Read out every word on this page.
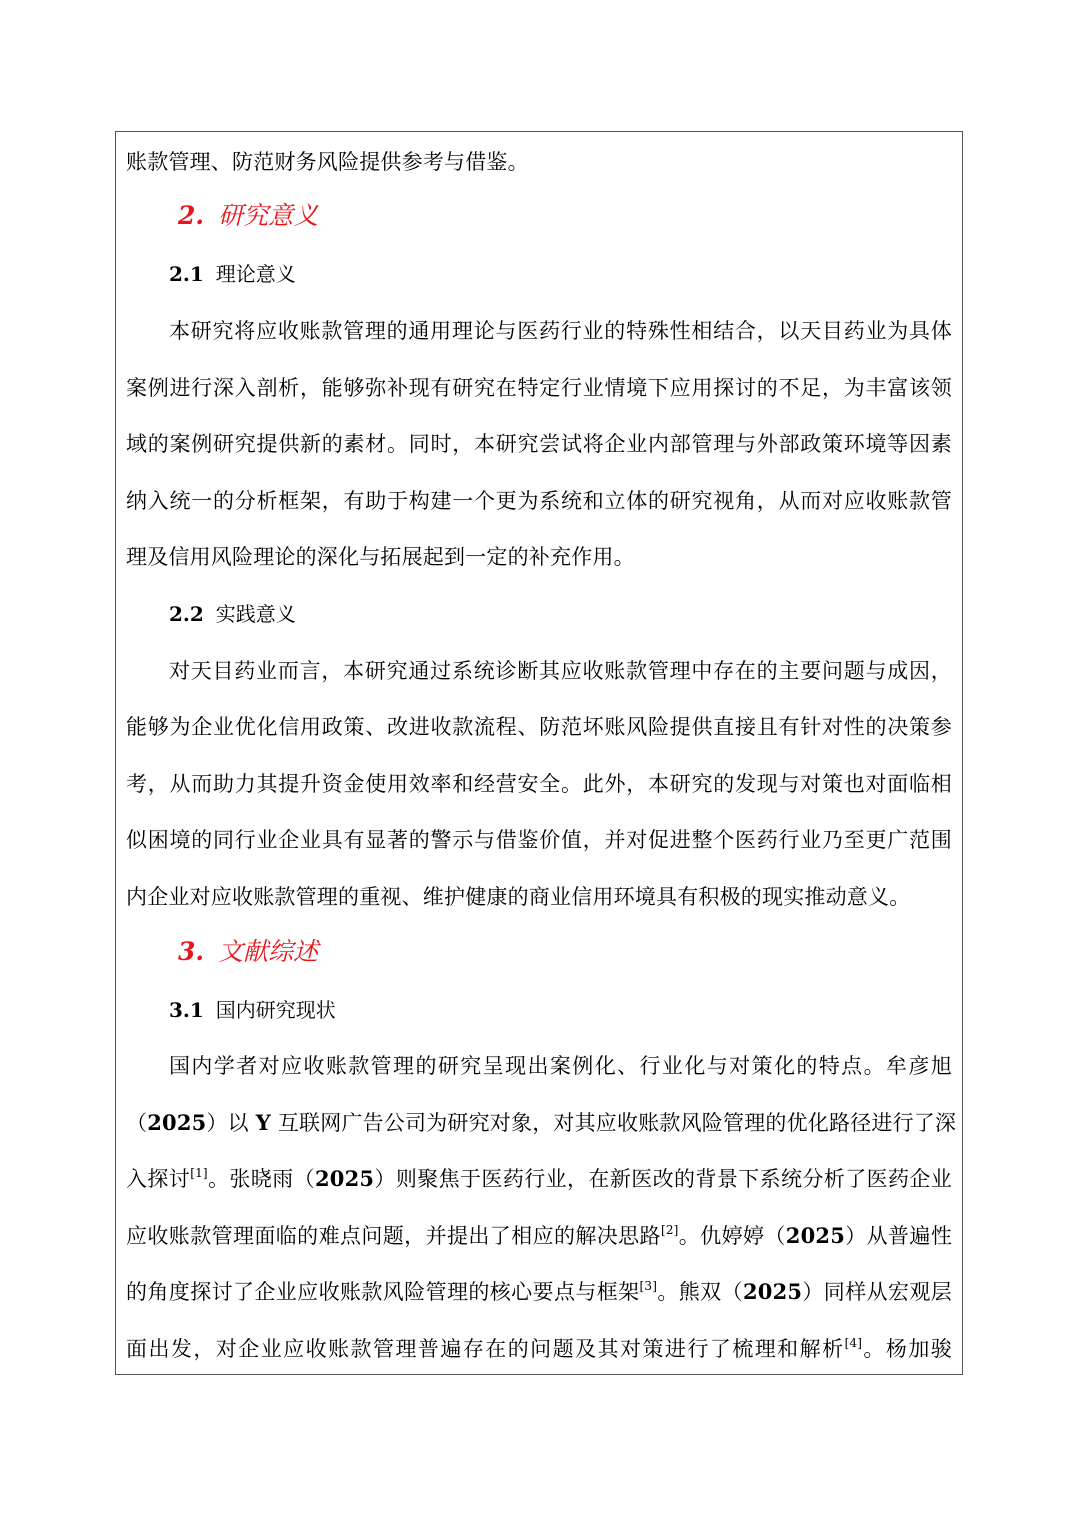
账款管理、防范财务风险提供参考与借鉴。
2. 研究意义
2.1 理论意义
本研究将应收账款管理的通用理论与医药行业的特殊性相结合，以天目药业为具体
案例进行深入剖析，能够弥补现有研究在特定行业情境下应用探讨的不足，为丰富该领
域的案例研究提供新的素材。同时，本研究尝试将企业内部管理与外部政策环境等因素
纳入统一的分析框架，有助于构建一个更为系统和立体的研究视角，从而对应收账款管
理及信用风险理论的深化与拓展起到一定的补充作用。
2.2 实践意义
对天目药业而言，本研究通过系统诊断其应收账款管理中存在的主要问题与成因，
能够为企业优化信用政策、改进收款流程、防范坏账风险提供直接且有针对性的决策参
考，从而助力其提升资金使用效率和经营安全。此外，本研究的发现与对策也对面临相
似困境的同行业企业具有显著的警示与借鉴价值，并对促进整个医药行业乃至更广范围
内企业对应收账款管理的重视、维护健康的商业信用环境具有积极的现实推动意义。
3. 文献综述
3.1 国内研究现状
国内学者对应收账款管理的研究呈现出案例化、行业化与对策化的特点。牟彦旭
（2025）以 Y 互联网广告公司为研究对象，对其应收账款风险管理的优化路径进行了深
入探讨[1]。张晓雨（2025）则聚焦于医药行业，在新医改的背景下系统分析了医药企业
应收账款管理面临的难点问题，并提出了相应的解决思路[2]。仇婷婷（2025）从普遍性
的角度探讨了企业应收账款风险管理的核心要点与框架[3]。熊双（2025）同样从宏观层
面出发，对企业应收账款管理普遍存在的问题及其对策进行了梳理和解析[4]。杨加骏
